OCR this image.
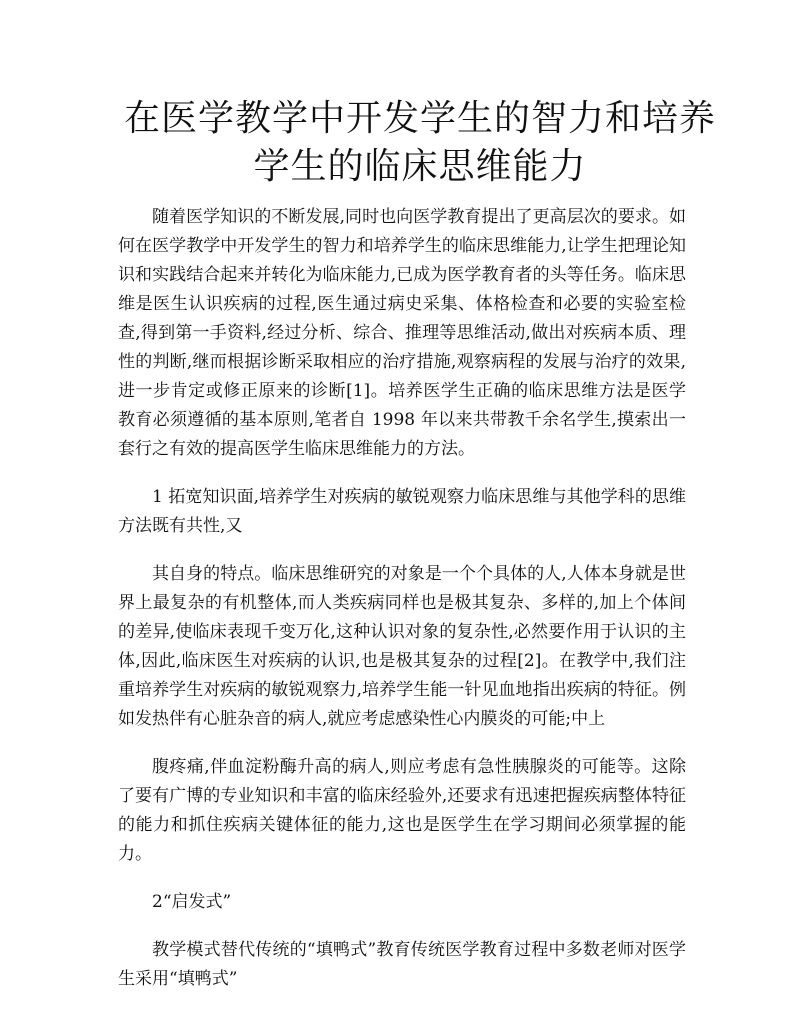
在医学教学中开发学生的智力和培养学生的临床思维能力

随着医学知识的不断发展,同时也向医学教育提出了更高层次的要求。如何在医学教学中开发学生的智力和培养学生的临床思维能力,让学生把理论知识和实践结合起来并转化为临床能力,已成为医学教育者的头等任务。临床思维是医生认识疾病的过程,医生通过病史采集、体格检查和必要的实验室检查,得到第一手资料,经过分析、综合、推理等思维活动,做出对疾病本质、理性的判断,继而根据诊断采取相应的治疗措施,观察病程的发展与治疗的效果,进一步肯定或修正原来的诊断[1]。培养医学生正确的临床思维方法是医学教育必须遵循的基本原则,笔者自 1998 年以来共带教千余名学生,摸索出一套行之有效的提高医学生临床思维能力的方法。

1 拓宽知识面,培养学生对疾病的敏锐观察力临床思维与其他学科的思维方法既有共性,又

其自身的特点。临床思维研究的对象是一个个具体的人,人体本身就是世界上最复杂的有机整体,而人类疾病同样也是极其复杂、多样的,加上个体间的差异,使临床表现千变万化,这种认识对象的复杂性,必然要作用于认识的主体,因此,临床医生对疾病的认识,也是极其复杂的过程[2]。在教学中,我们注重培养学生对疾病的敏锐观察力,培养学生能一针见血地指出疾病的特征。例如发热伴有心脏杂音的病人,就应考虑感染性心内膜炎的可能;中上

腹疼痛,伴血淀粉酶升高的病人,则应考虑有急性胰腺炎的可能等。这除了要有广博的专业知识和丰富的临床经验外,还要求有迅速把握疾病整体特征的能力和抓住疾病关键体征的能力,这也是医学生在学习期间必须掌握的能力。

2“启发式”

教学模式替代传统的“填鸭式”教育传统医学教育过程中多数老师对医学生采用“填鸭式”
